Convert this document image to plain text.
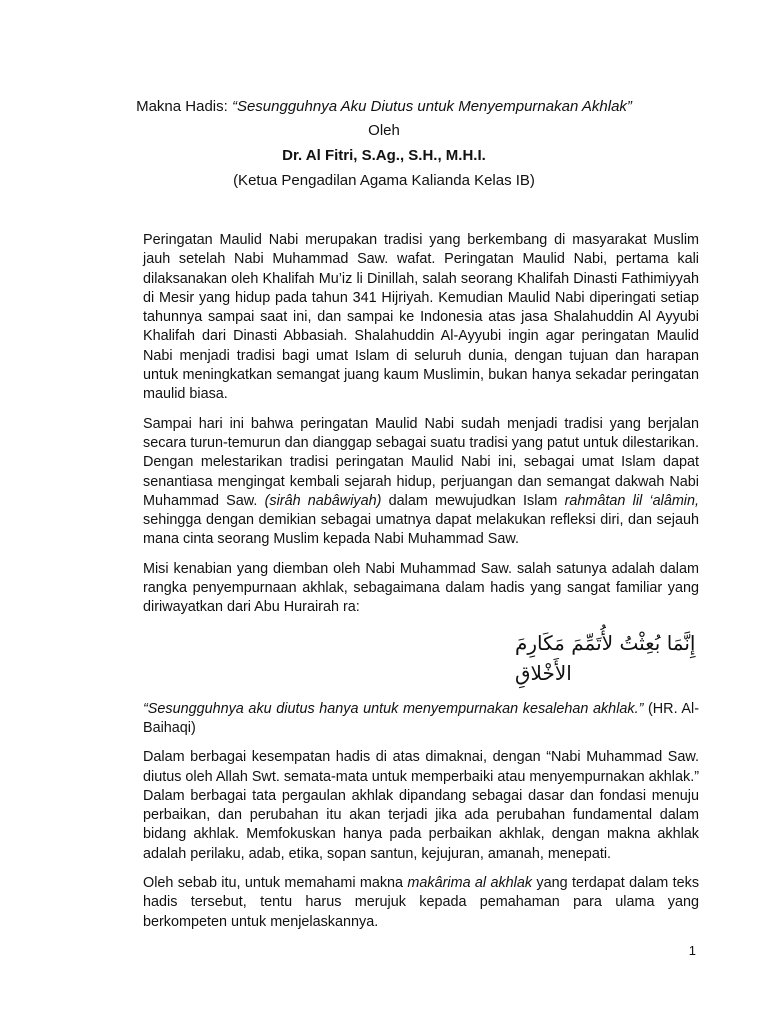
Makna Hadis: “Sesungguhnya Aku Diutus untuk Menyempurnakan Akhlak”
Oleh
Dr. Al Fitri, S.Ag., S.H., M.H.I.
(Ketua Pengadilan Agama Kalianda Kelas IB)

Peringatan Maulid Nabi merupakan tradisi yang berkembang di masyarakat Muslim jauh setelah Nabi Muhammad Saw. wafat. Peringatan Maulid Nabi, pertama kali dilaksanakan oleh Khalifah Mu’iz li Dinillah, salah seorang Khalifah Dinasti Fathimiyyah di Mesir yang hidup pada tahun 341 Hijriyah. Kemudian Maulid Nabi diperingati setiap tahunnya sampai saat ini, dan sampai ke Indonesia atas jasa Shalahuddin Al Ayyubi Khalifah dari Dinasti Abbasiah. Shalahuddin Al-Ayyubi ingin agar peringatan Maulid Nabi menjadi tradisi bagi umat Islam di seluruh dunia, dengan tujuan dan harapan untuk meningkatkan semangat juang kaum Muslimin, bukan hanya sekadar peringatan maulid biasa.

Sampai hari ini bahwa peringatan Maulid Nabi sudah menjadi tradisi yang berjalan secara turun-temurun dan dianggap sebagai suatu tradisi yang patut untuk dilestarikan. Dengan melestarikan tradisi peringatan Maulid Nabi ini, sebagai umat Islam dapat senantiasa mengingat kembali sejarah hidup, perjuangan dan semangat dakwah Nabi Muhammad Saw. (sirâh nabâwiyah) dalam mewujudkan Islam rahmâtan lil ‘alâmin, sehingga dengan demikian sebagai umatnya dapat melakukan refleksi diri, dan sejauh mana cinta seorang Muslim kepada Nabi Muhammad Saw.

Misi kenabian yang diemban oleh Nabi Muhammad Saw. salah satunya adalah dalam rangka penyempurnaan akhlak, sebagaimana dalam hadis yang sangat familiar yang diriwayatkan dari Abu Hurairah ra:

إِنَّمَا بُعِثْتُ لأُتَمِّمَ مَكَارِمَ الأَخْلاقِ

“Sesungguhnya aku diutus hanya untuk menyempurnakan kesalehan akhlak.” (HR. Al-Baihaqi)

Dalam berbagai kesempatan hadis di atas dimaknai, dengan “Nabi Muhammad Saw. diutus oleh Allah Swt. semata-mata untuk memperbaiki atau menyempurnakan akhlak.” Dalam berbagai tata pergaulan akhlak dipandang sebagai dasar dan fondasi menuju perbaikan, dan perubahan itu akan terjadi jika ada perubahan fundamental dalam bidang akhlak. Memfokuskan hanya pada perbaikan akhlak, dengan makna akhlak adalah perilaku, adab, etika, sopan santun, kejujuran, amanah, menepati.

Oleh sebab itu, untuk memahami makna makârima al akhlak yang terdapat dalam teks hadis tersebut, tentu harus merujuk kepada pemahaman para ulama yang berkompeten untuk menjelaskannya.

1
